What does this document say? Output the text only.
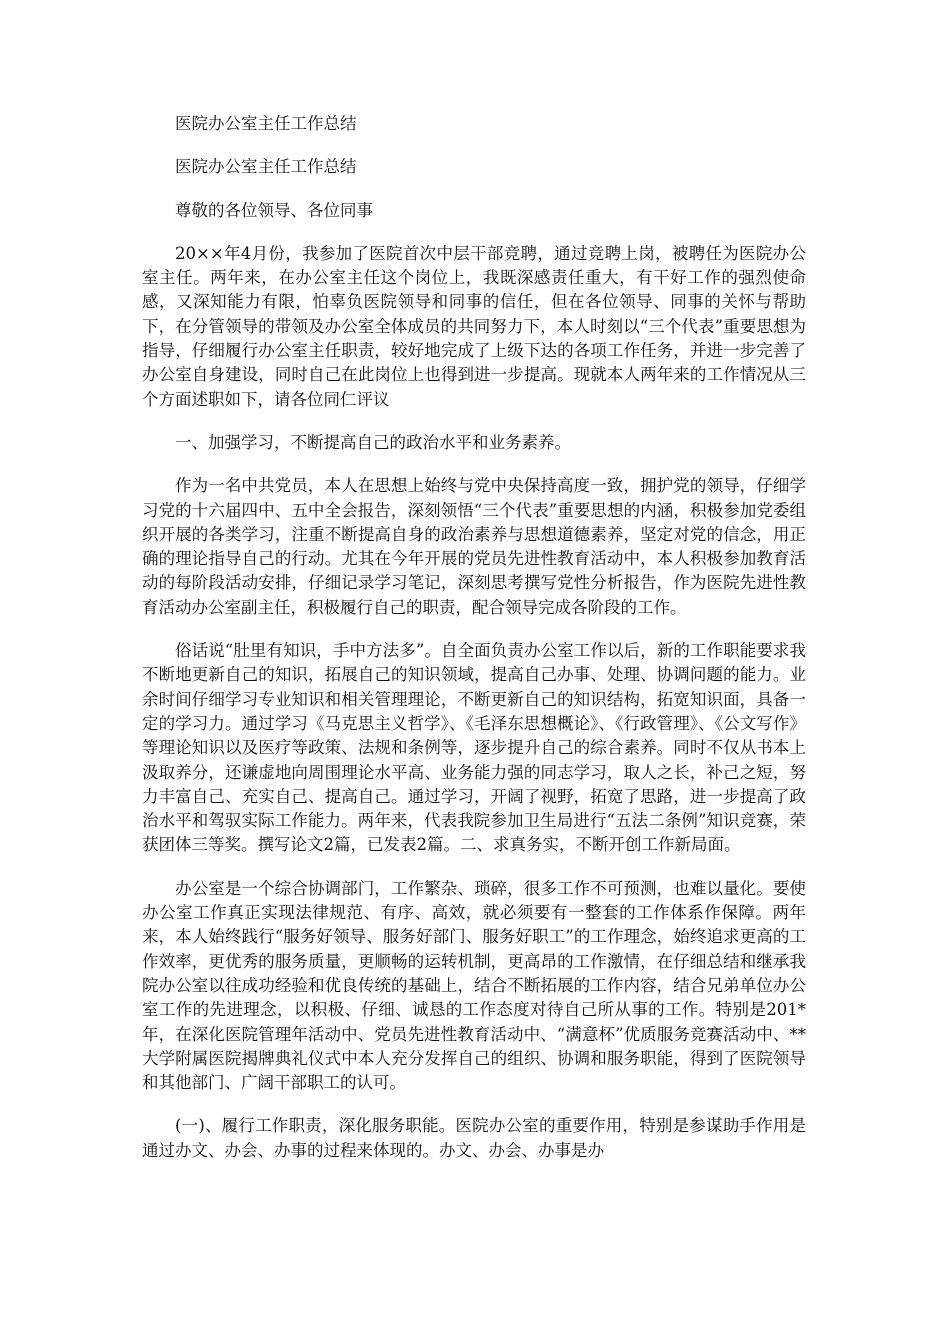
医院办公室主任工作总结

医院办公室主任工作总结

尊敬的各位领导、各位同事

20××年4月份，我参加了医院首次中层干部竞聘，通过竞聘上岗，被聘任为医院办公室主任。两年来，在办公室主任这个岗位上，我既深感责任重大，有干好工作的强烈使命感，又深知能力有限，怕辜负医院领导和同事的信任，但在各位领导、同事的关怀与帮助下，在分管领导的带领及办公室全体成员的共同努力下，本人时刻以“三个代表”重要思想为指导，仔细履行办公室主任职责，较好地完成了上级下达的各项工作任务，并进一步完善了办公室自身建设，同时自己在此岗位上也得到进一步提高。现就本人两年来的工作情况从三个方面述职如下，请各位同仁评议

一、加强学习，不断提高自己的政治水平和业务素养。

作为一名中共党员，本人在思想上始终与党中央保持高度一致，拥护党的领导，仔细学习党的十六届四中、五中全会报告，深刻领悟“三个代表”重要思想的内涵，积极参加党委组织开展的各类学习，注重不断提高自身的政治素养与思想道德素养，坚定对党的信念，用正确的理论指导自己的行动。尤其在今年开展的党员先进性教育活动中，本人积极参加教育活动的每阶段活动安排，仔细记录学习笔记，深刻思考撰写党性分析报告，作为医院先进性教育活动办公室副主任，积极履行自己的职责，配合领导完成各阶段的工作。

俗话说“肚里有知识，手中方法多”。自全面负责办公室工作以后，新的工作职能要求我不断地更新自己的知识，拓展自己的知识领域，提高自己办事、处理、协调问题的能力。业余时间仔细学习专业知识和相关管理理论，不断更新自己的知识结构，拓宽知识面，具备一定的学习力。通过学习《马克思主义哲学》、《毛泽东思想概论》、《行政管理》、《公文写作》等理论知识以及医疗等政策、法规和条例等，逐步提升自己的综合素养。同时不仅从书本上汲取养分，还谦虚地向周围理论水平高、业务能力强的同志学习，取人之长，补己之短，努力丰富自己、充实自己、提高自己。通过学习，开阔了视野，拓宽了思路，进一步提高了政治水平和驾驭实际工作能力。两年来，代表我院参加卫生局进行“五法二条例”知识竞赛，荣获团体三等奖。撰写论文2篇，已发表2篇。二、求真务实，不断开创工作新局面。

办公室是一个综合协调部门，工作繁杂、琐碎，很多工作不可预测，也难以量化。要使办公室工作真正实现法律规范、有序、高效，就必须要有一整套的工作体系作保障。两年来，本人始终践行“服务好领导、服务好部门、服务好职工”的工作理念，始终追求更高的工作效率，更优秀的服务质量，更顺畅的运转机制，更高昂的工作激情，在仔细总结和继承我院办公室以往成功经验和优良传统的基础上，结合不断拓展的工作内容，结合兄弟单位办公室工作的先进理念，以积极、仔细、诚恳的工作态度对待自己所从事的工作。特别是201*年，在深化医院管理年活动中、党员先进性教育活动中、“满意杯”优质服务竞赛活动中、**大学附属医院揭牌典礼仪式中本人充分发挥自己的组织、协调和服务职能，得到了医院领导和其他部门、广阔干部职工的认可。

(一)、履行工作职责，深化服务职能。医院办公室的重要作用，特别是参谋助手作用是通过办文、办会、办事的过程来体现的。办文、办会、办事是办
